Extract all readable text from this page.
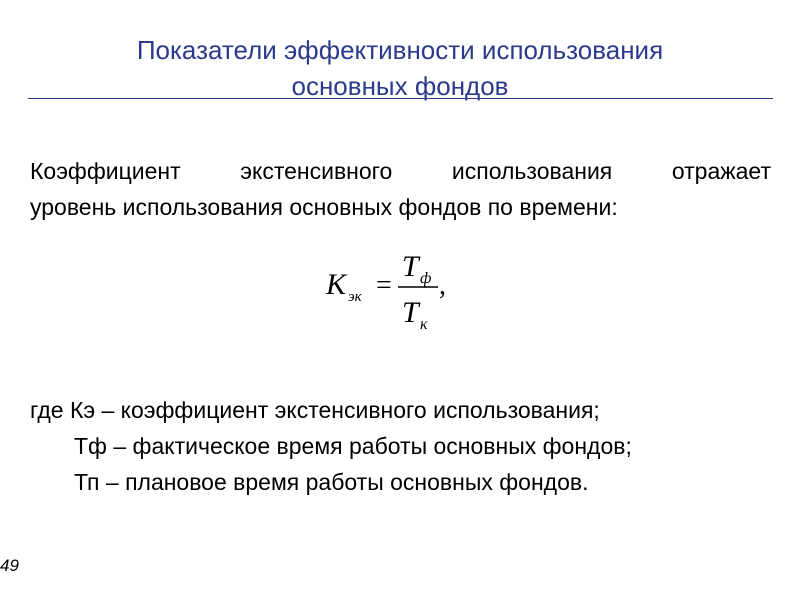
Показатели эффективности использования
основных фондов
Коэффициент экстенсивного использования отражает
уровень использования основных фондов по времени:
K эк
T ф
T к
= ,
где Кэ – коэффициент экстенсивного использования;
Тф – фактическое время работы основных фондов;
Тп – плановое время работы основных фондов.
49
